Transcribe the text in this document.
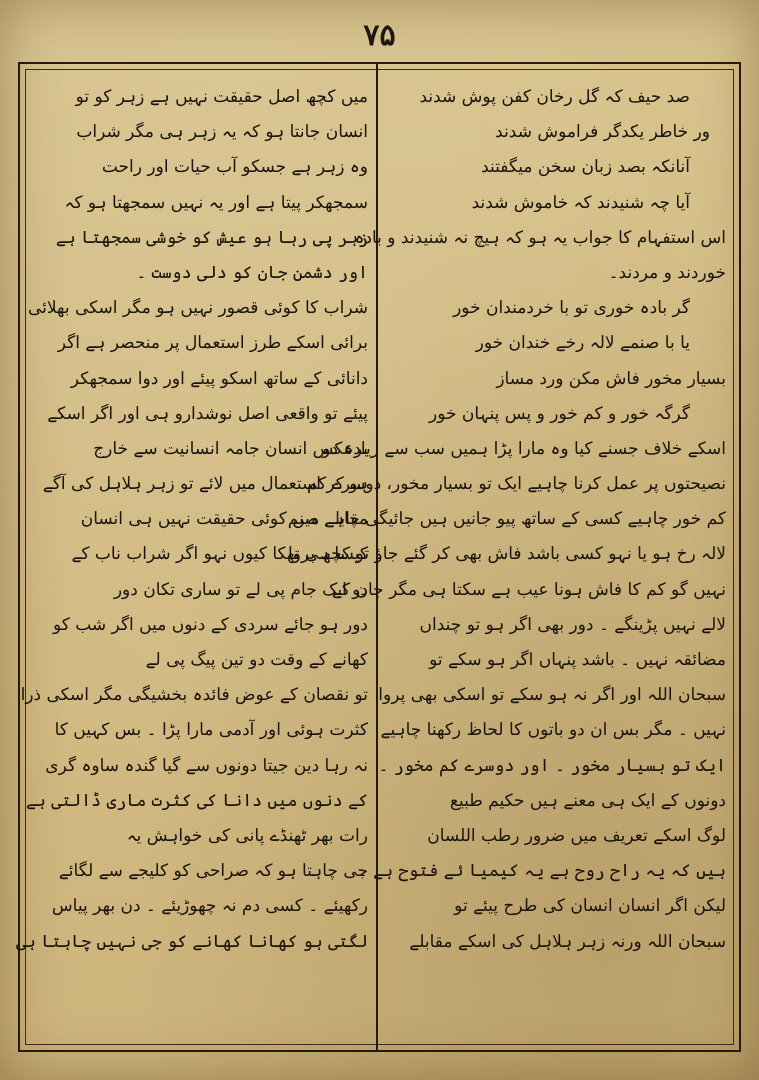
۷۵
صد حیف کہ گل رخان کفن پوش شدند
ور خاطر یکدگر فراموش شدند
آنانکہ بصد زبان سخن میگفتند
آیا چہ شنیدند کہ خاموش شدند
اس استفہام کا جواب یہ ہو کہ ہیچ نہ شنیدند و بادہ
خوردند و مردند۔
گر بادہ خوری تو با خردمندان خور
یا با صنمے لالہ رخے خندان خور
بسیار مخور فاش مکن ورد مساز
گرگہ خور و کم خور و پس پنہان خور
اسکے خلاف جسنے کیا وہ مارا پڑا ہمیں سب سے زیادہ دو
نصیحتوں پر عمل کرنا چاہیے ایک تو بسیار مخور، دوسرے کم
کم خور چاہیے کسی کے ساتھ پیو جانیں ہیں جائیگی چاہے صنم
لالہ رخ ہو یا نہو کسی باشد فاش بھی کر گئے جاؤ تو کچھ پروا
نہیں گو کم کا فاش ہونا عیب ہے سکتا ہی مگر جان کے
لالے نہیں پڑینگے ۔ دور بھی اگر ہو تو چنداں
مضائقہ نہیں ۔ باشد پنہاں اگر ہو سکے تو
سبحان اللہ اور اگر نہ ہو سکے تو اسکی بھی پروا
نہیں ۔ مگر بس ان دو باتوں کا لحاظ رکھنا چاہیے
ایک تو بسیار مخور ۔ اور دوسرے کم مخور ۔
دونوں کے ایک ہی معنے ہیں حکیم طبیع
لوگ اسکے تعریف میں ضرور رطب اللسان
ہیں کہ یہ راح روح ہے یہ کیمیا ئے فتوح ہے ۔
لیکن اگر انسان انسان کی طرح پیئے تو
سبحان اللہ ورنہ زہر ہلاہل کی اسکے مقابلے
میں کچھ اصل حقیقت نہیں ہے زہر کو تو
انسان جانتا ہو کہ یہ زہر ہی مگر شراب
وہ زہر ہے جسکو آب حیات اور راحت
سمجھکر پیتا ہے اور یہ نہیں سمجھتا ہو کہ
زہر پی رہا ہو عیش کو خوشی سمجھتا ہے
اور دشمن جان کو دلی دوست ۔
شراب کا کوئی قصور نہیں ہو مگر اسکی بھلائی
برائی اسکے طرز استعمال پر منحصر ہے اگر
دانائی کے ساتھ اسکو پیئے اور دوا سمجھکر
پیئے تو واقعی اصل نوشدارو ہی اور اگر اسکے
برعکس انسان جامہ انسانیت سے خارج
ہو کر استعمال میں لائے تو زہر ہلاہل کی آگے
مقابلے میں کوئی حقیقت نہیں ہی انسان
کیسا ہی تھکا کیوں نہو اگر شراب ناب کے
دو ایک جام پی لے تو ساری تکان دور
دور ہو جائے سردی کے دنوں میں اگر شب کو
کھانے کے وقت دو تین پیگ پی لے
تو نقصان کے عوض فائدہ بخشیگی مگر اسکی ذرا
کثرت ہوئی اور آدمی مارا پڑا ۔ بس کہیں کا
نہ رہا دین جیتا دونوں سے گیا گندہ ساوہ گری
کے دنوں میں دانا کی کثرت ماری ڈالتی ہے
رات بھر ٹھنڈے پانی کی خواہش یہ
جی چاہتا ہو کہ صراحی کو کلیجے سے لگائے
رکھیئے ۔ کسی دم نہ چھوڑیئے ۔ دن بھر پیاس
لگتی ہو کھانا کھانے کو جی نہیں چاہتا ہی
